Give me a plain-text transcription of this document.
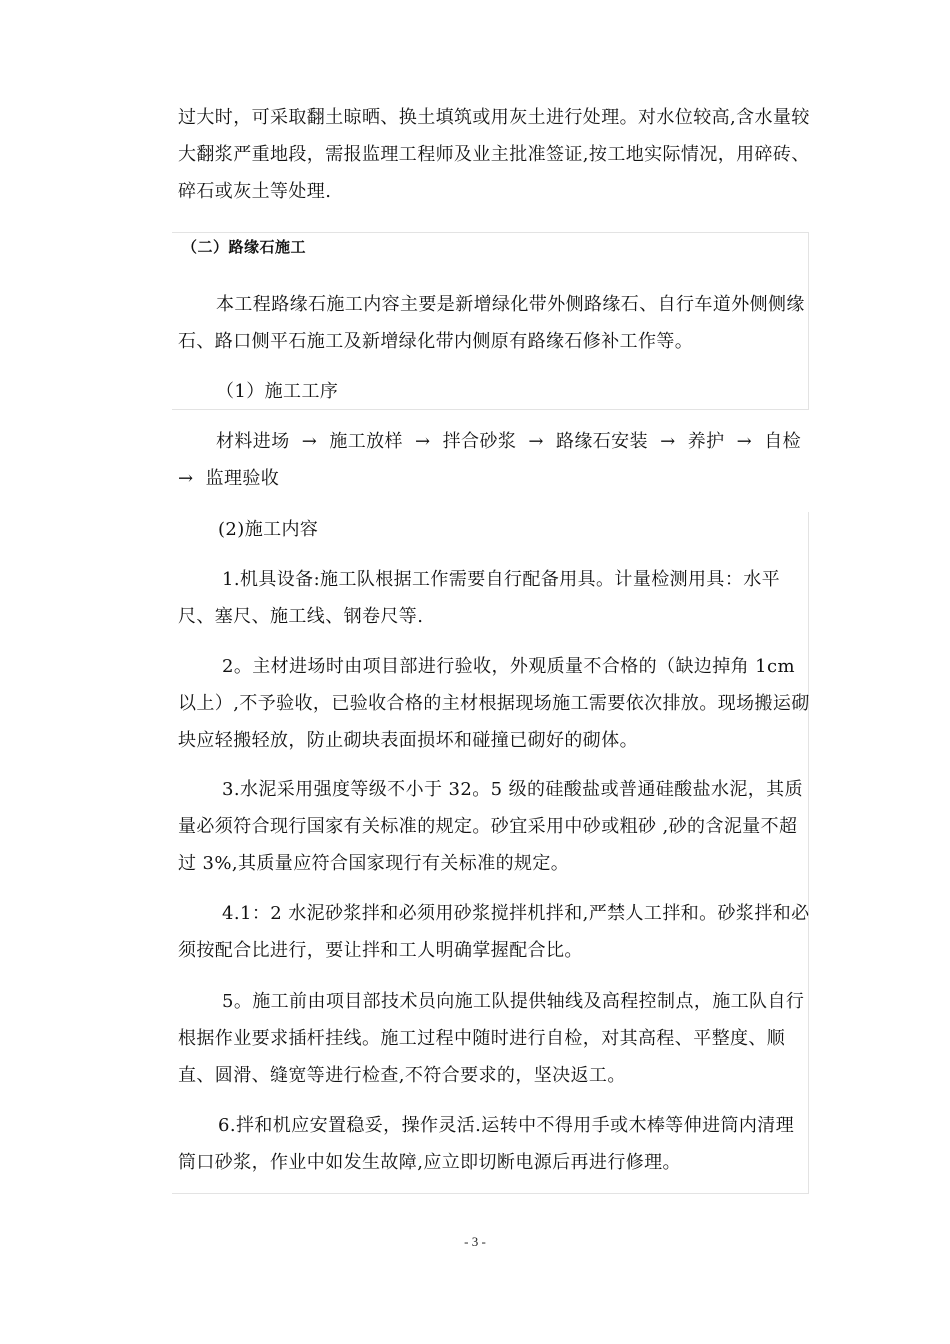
过大时，可采取翻土晾晒、换土填筑或用灰土进行处理。对水位较高,含水量较大翻浆严重地段，需报监理工程师及业主批准签证,按工地实际情况，用碎砖、碎石或灰土等处理.

（二）路缘石施工

本工程路缘石施工内容主要是新增绿化带外侧路缘石、自行车道外侧侧缘石、路口侧平石施工及新增绿化带内侧原有路缘石修补工作等。

（1）施工工序

材料进场 → 施工放样 → 拌合砂浆 → 路缘石安装 → 养护 → 自检 → 监理验收

(2)施工内容

1.机具设备:施工队根据工作需要自行配备用具。计量检测用具：水平尺、塞尺、施工线、钢卷尺等.

2。主材进场时由项目部进行验收，外观质量不合格的（缺边掉角 1cm 以上）,不予验收，已验收合格的主材根据现场施工需要依次排放。现场搬运砌块应轻搬轻放，防止砌块表面损坏和碰撞已砌好的砌体。

3.水泥采用强度等级不小于 32。5 级的硅酸盐或普通硅酸盐水泥，其质量必须符合现行国家有关标准的规定。砂宜采用中砂或粗砂 ,砂的含泥量不超过 3%,其质量应符合国家现行有关标准的规定。

4.1：2 水泥砂浆拌和必须用砂浆搅拌机拌和,严禁人工拌和。砂浆拌和必须按配合比进行，要让拌和工人明确掌握配合比。

5。施工前由项目部技术员向施工队提供轴线及高程控制点，施工队自行根据作业要求插杆挂线。施工过程中随时进行自检，对其高程、平整度、顺直、圆滑、缝宽等进行检查,不符合要求的，坚决返工。

6.拌和机应安置稳妥，操作灵活.运转中不得用手或木棒等伸进筒内清理筒口砂浆，作业中如发生故障,应立即切断电源后再进行修理。

- 3 -
